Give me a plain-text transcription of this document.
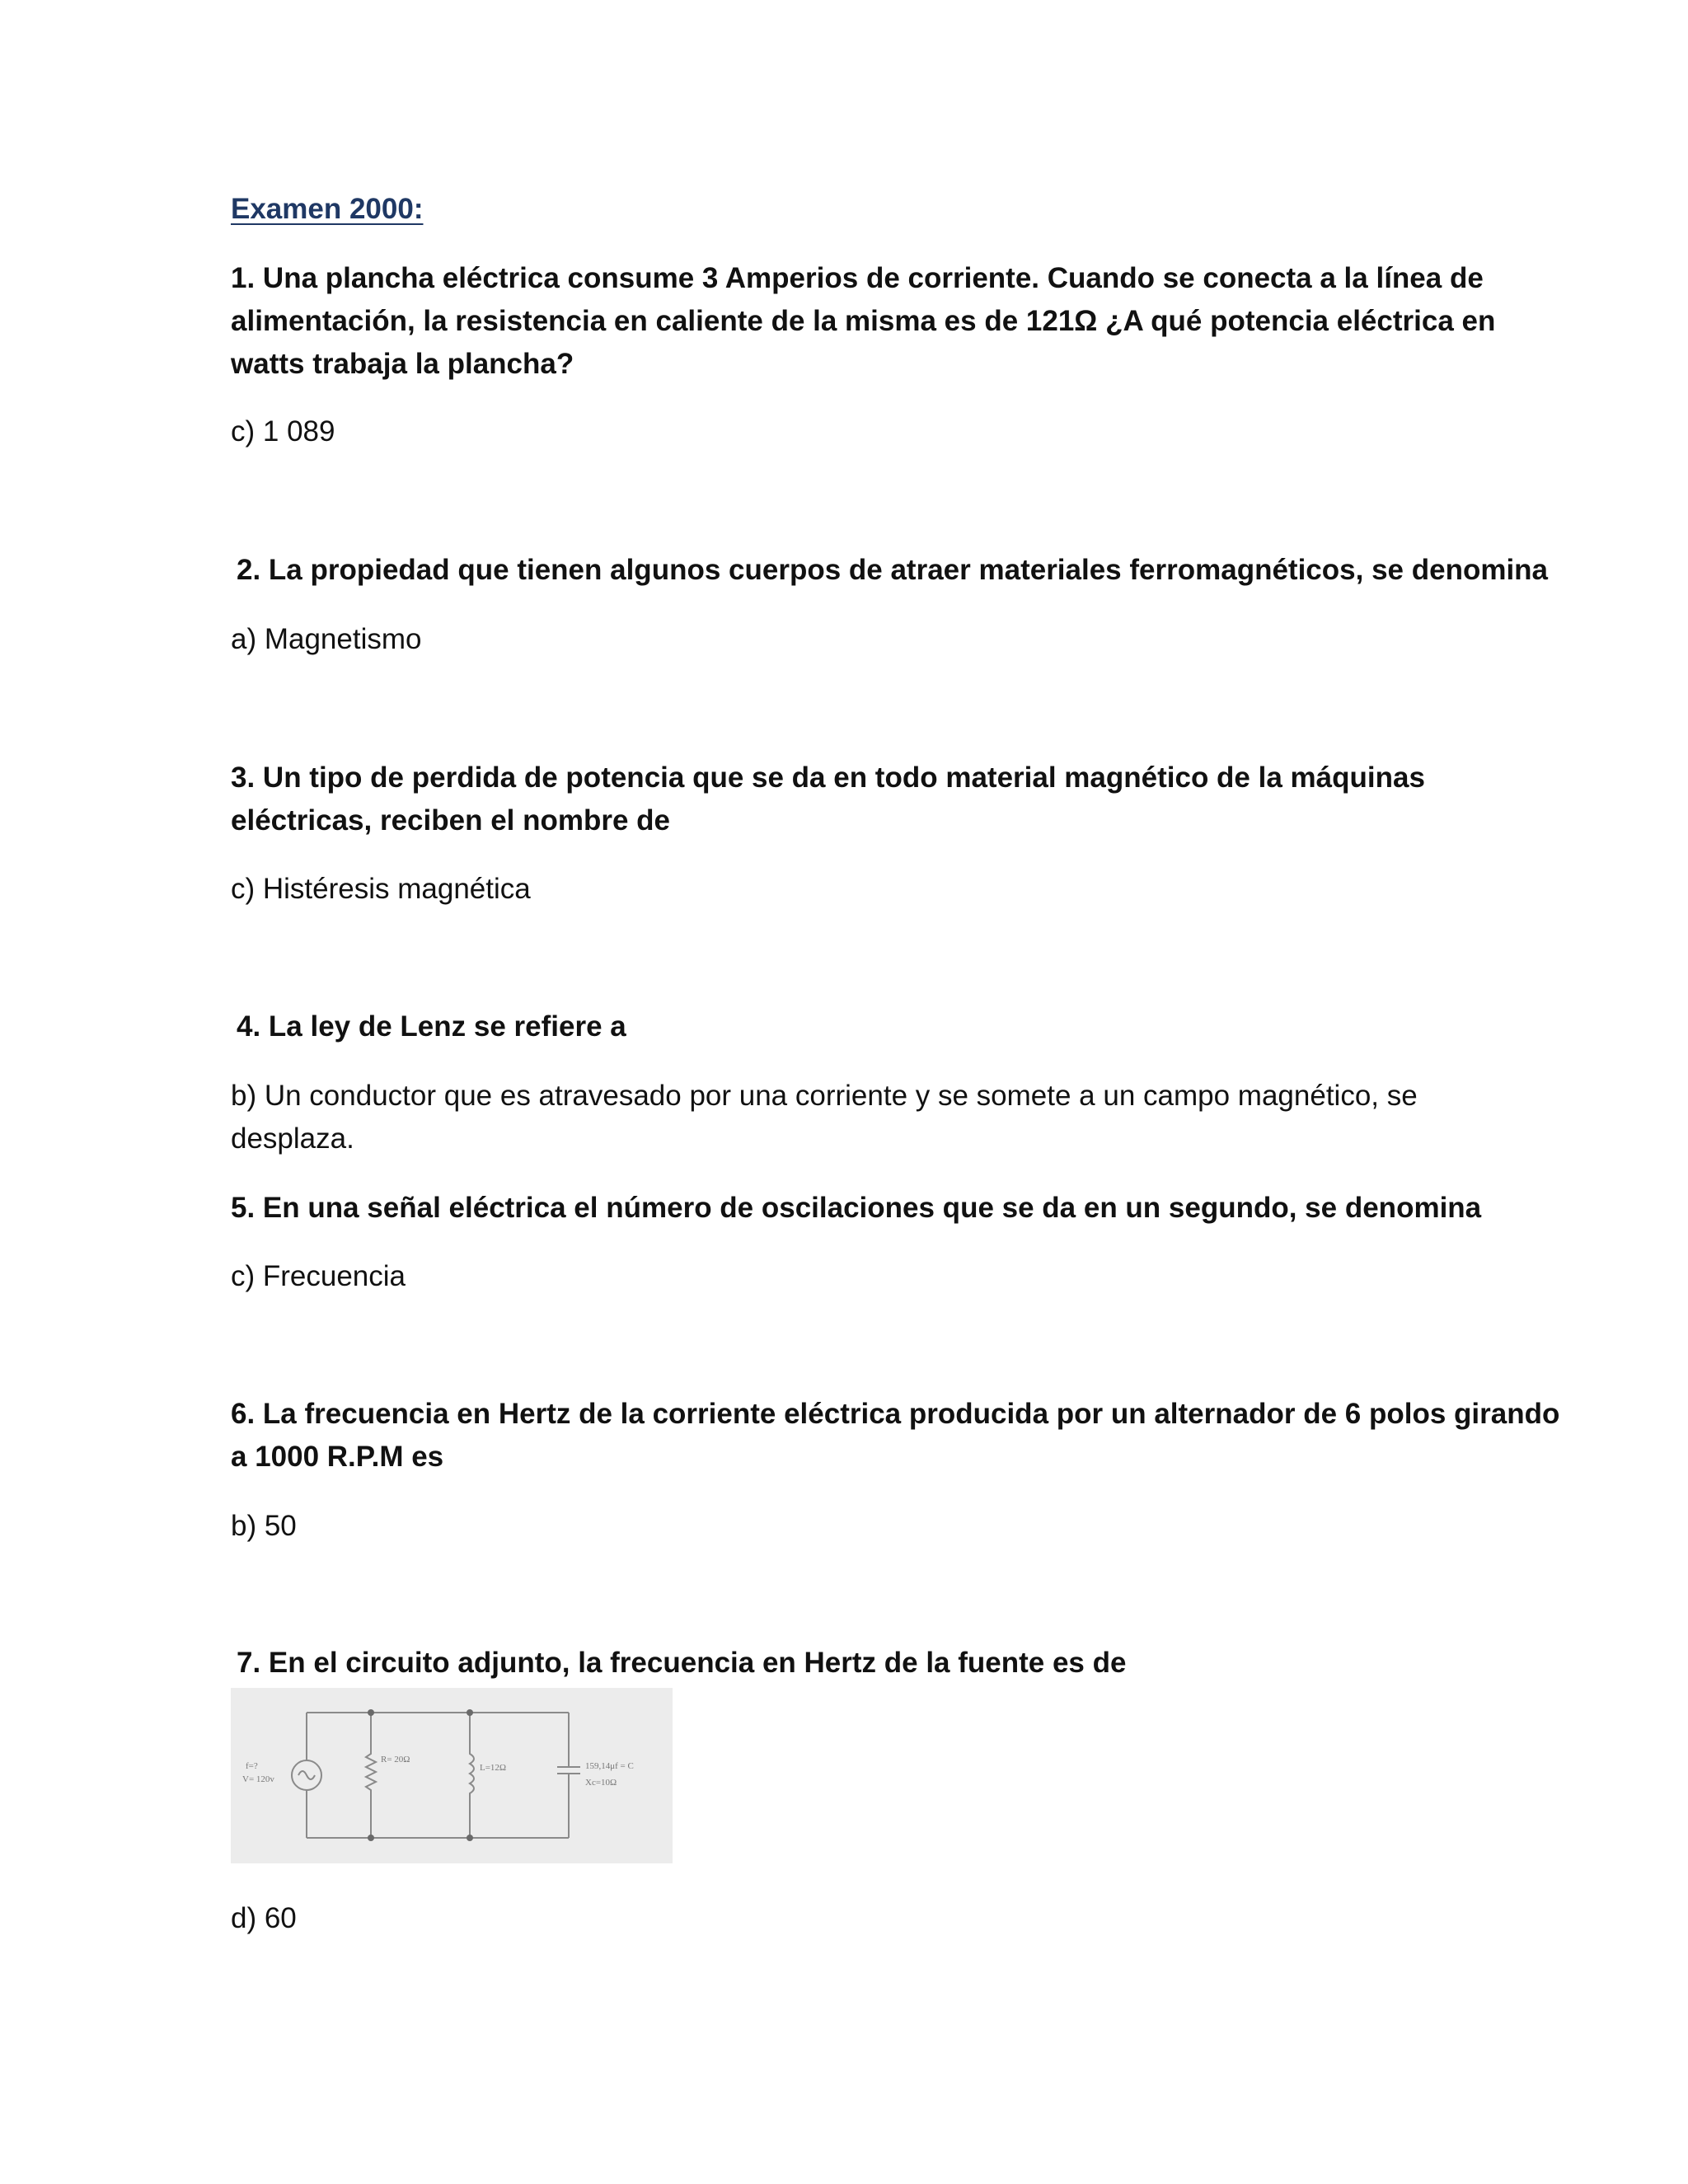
Examen 2000:
1. Una plancha eléctrica consume 3 Amperios de corriente. Cuando se conecta a la línea de
alimentación, la resistencia en caliente de la misma es de 121Ω ¿A qué potencia eléctrica en
watts trabaja la plancha?
c) 1 089
2. La propiedad que tienen algunos cuerpos de atraer materiales ferromagnéticos, se denomina
a) Magnetismo
3. Un tipo de perdida de potencia que se da en todo material magnético de la máquinas
eléctricas, reciben el nombre de
c) Histéresis magnética
4. La ley de Lenz se refiere a
b) Un conductor que es atravesado por una corriente y se somete a un campo magnético, se
desplaza.
5. En una señal eléctrica el número de oscilaciones que se da en un segundo, se denomina
c) Frecuencia
6. La frecuencia en Hertz de la corriente eléctrica producida por un alternador de 6 polos girando
a 1000 R.P.M es
b) 50
7. En el circuito adjunto, la frecuencia en Hertz de la fuente es de
f=?
V= 120v
R= 20Ω
L=12Ω	159,14μf = C
Xc=10Ω
d) 60
